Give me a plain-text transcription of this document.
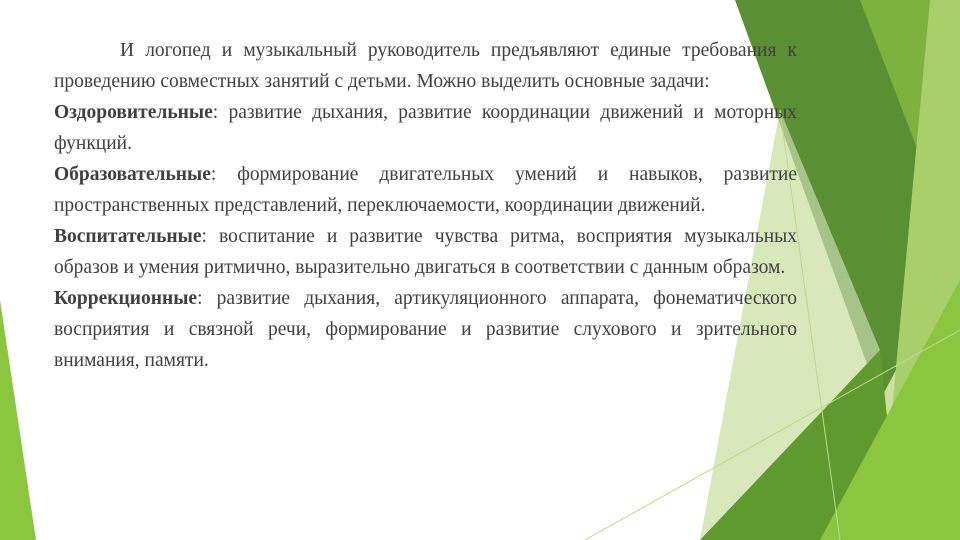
И логопед и музыкальный руководитель предъявляют единые требования к проведению совместных занятий с детьми. Можно выделить основные задачи:

Оздоровительные: развитие дыхания, развитие координации движений и моторных функций.

Образовательные: формирование двигательных умений и навыков, развитие пространственных представлений, переключаемости, координации движений.

Воспитательные: воспитание и развитие чувства ритма, восприятия музыкальных образов и умения ритмично, выразительно двигаться в соответствии с данным образом.

Коррекционные: развитие дыхания, артикуляционного аппарата, фонематического восприятия и связной речи, формирование и развитие слухового и зрительного внимания, памяти.
